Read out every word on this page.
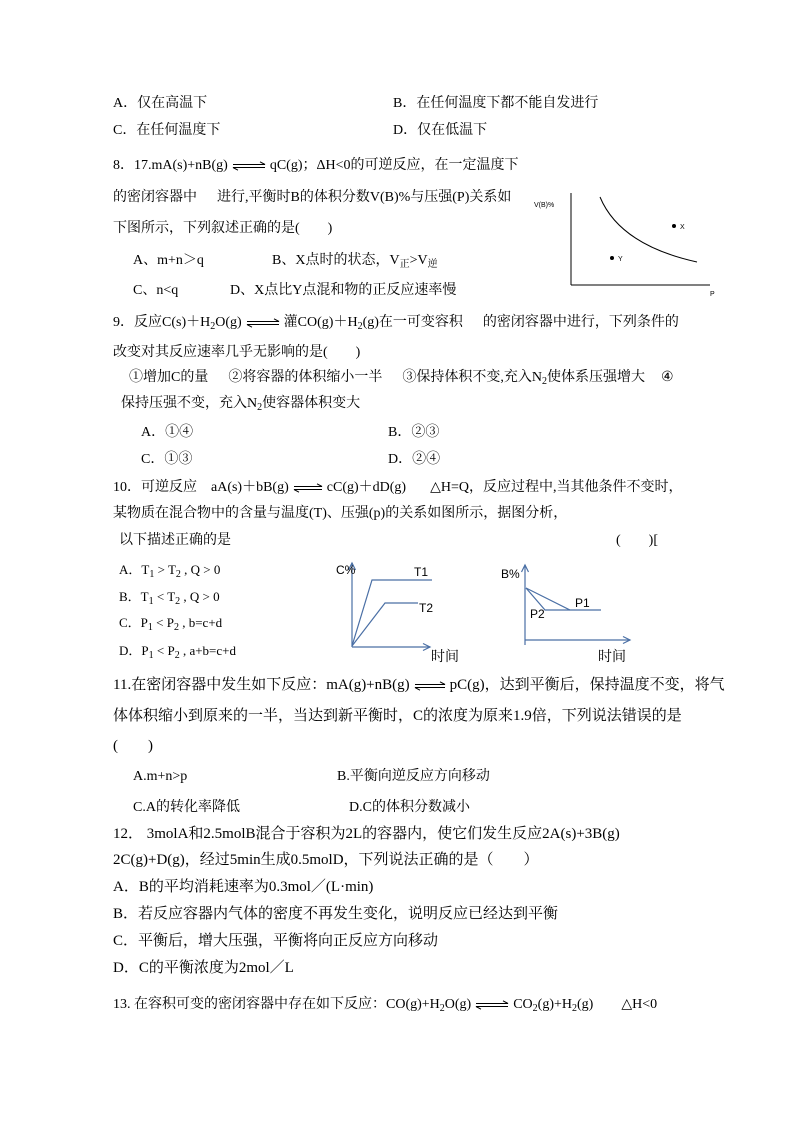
A．仅在高温下	B．在任何温度下都不能自发进行
C．在任何温度下	D．仅在低温下
8．17.mA(s)+nB(g) ⇌ qC(g)；ΔH<0的可逆反应，在一定温度下
的密闭容器中 进行,平衡时B的体积分数V(B)%与压强(P)关系如
下图所示，下列叙述正确的是(　　)
A、m+n＞q	B、X点时的状态，$V_正>V_逆$
C、n<q	D、X点比Y点混和物的正反应速率慢
X
Y
V(B)%
P
9．反应$C(s)+H_2O(g)$ ⇌ 灌$CO(g)+H_2(g)$在一可变容积 的密闭容器中进行，下列条件的
改变对其反应速率几乎无影响的是(　　)
①增加C的量 ②将容器的体积缩小一半 ③保持体积不变,充入$N_2$使体系压强增大 ④
保持压强不变，充入$N_2$使容器体积变大
A．①④	B．②③
C．①③	D．②④
10．可逆反应　aA(s)＋bB(g) ⇌ cC(g)＋dD(g) △H=Q，反应过程中,当其他条件不变时，
某物质在混合物中的含量与温度(T)、压强(p)的关系如图所示，据图分析，
以下描述正确的是	(　　)[
A．$T_1 > T_2$ , Q > 0
B．$T_1 < T_2$ , Q > 0
C．$P_1 < P_2$ , b=c+d
D．$P_1 < P_2$ , a+b=c+d
C%	T1
T2
时间
B%
P1
P2
时间
11.在密闭容器中发生如下反应：mA(g)+nB(g) ⇌ pC(g)，达到平衡后，保持温度不变，将气
体体积缩小到原来的一半，当达到新平衡时，C的浓度为原来1.9倍，下列说法错误的是
(　　)
A.m+n>p	B.平衡向逆反应方向移动
C.A的转化率降低	D.C的体积分数减小
12． 3molA和2.5molB混合于容积为2L的容器内，使它们发生反应2A(s)+3B(g)
2C(g)+D(g)，经过5min生成0.5molD，下列说法正确的是（　　）
A．B的平均消耗速率为0.3mol／(L·min)
B．若反应容器内气体的密度不再发生变化，说明反应已经达到平衡
C．平衡后，增大压强，平衡将向正反应方向移动
D．C的平衡浓度为2mol／L
13. 在容积可变的密闭容器中存在如下反应：$CO(g)+H_2O(g)$ ⇌ $CO_2(g)+H_2(g)$ △H<0
